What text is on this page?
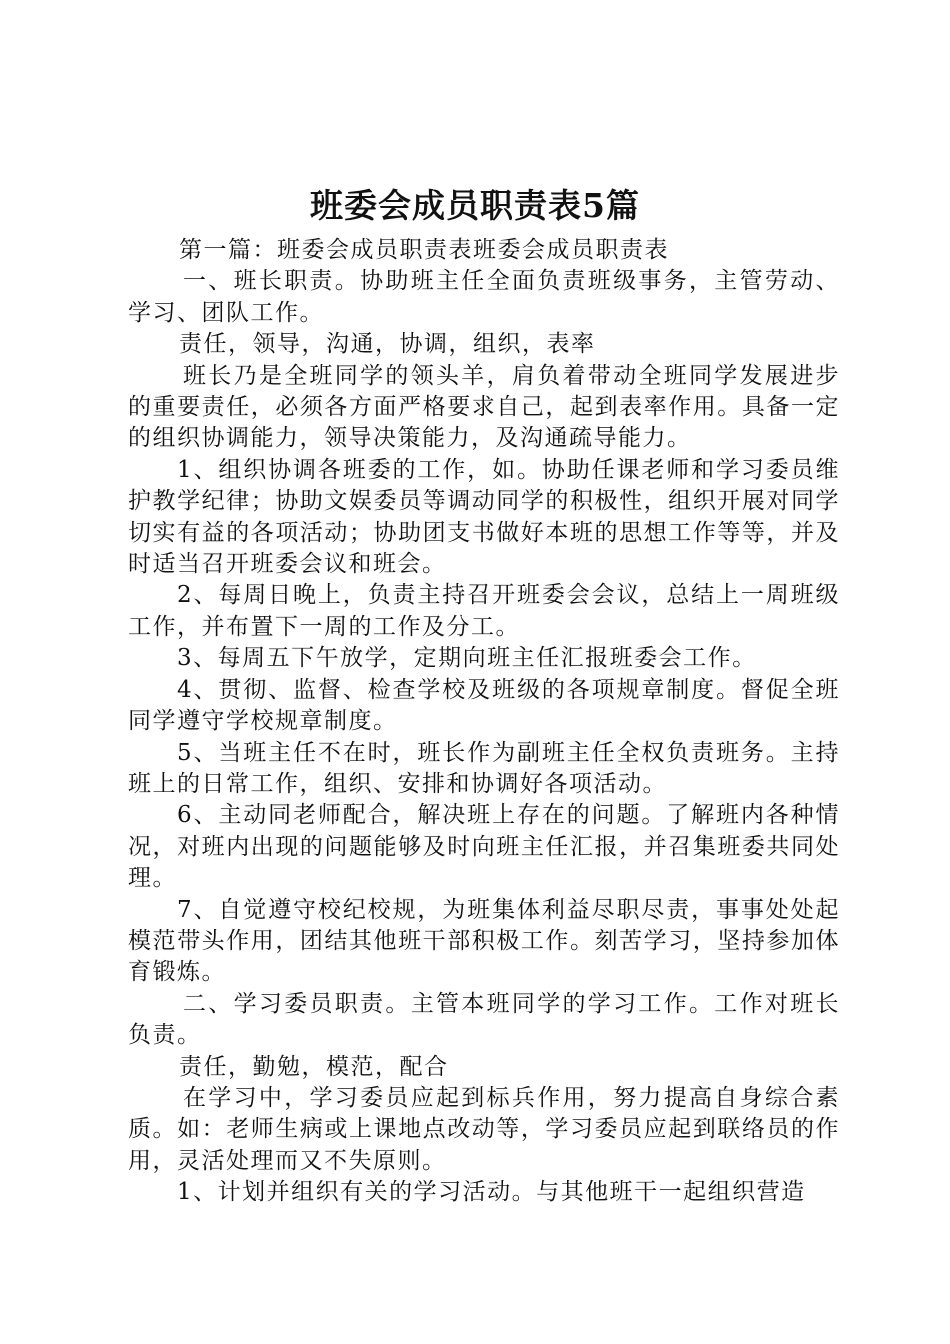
班委会成员职责表5篇

第一篇：班委会成员职责表班委会成员职责表

一、班长职责。协助班主任全面负责班级事务，主管劳动、学习、团队工作。

责任，领导，沟通，协调，组织，表率

班长乃是全班同学的领头羊，肩负着带动全班同学发展进步的重要责任，必须各方面严格要求自己，起到表率作用。具备一定的组织协调能力，领导决策能力，及沟通疏导能力。

1、组织协调各班委的工作，如。协助任课老师和学习委员维护教学纪律；协助文娱委员等调动同学的积极性，组织开展对同学切实有益的各项活动；协助团支书做好本班的思想工作等等，并及时适当召开班委会议和班会。

2、每周日晚上，负责主持召开班委会会议，总结上一周班级工作，并布置下一周的工作及分工。

3、每周五下午放学，定期向班主任汇报班委会工作。

4、贯彻、监督、检查学校及班级的各项规章制度。督促全班同学遵守学校规章制度。

5、当班主任不在时，班长作为副班主任全权负责班务。主持班上的日常工作，组织、安排和协调好各项活动。

6、主动同老师配合，解决班上存在的问题。了解班内各种情况，对班内出现的问题能够及时向班主任汇报，并召集班委共同处理。

7、自觉遵守校纪校规，为班集体利益尽职尽责，事事处处起模范带头作用，团结其他班干部积极工作。刻苦学习，坚持参加体育锻炼。

二、学习委员职责。主管本班同学的学习工作。工作对班长负责。

责任，勤勉，模范，配合

在学习中，学习委员应起到标兵作用，努力提高自身综合素质。如：老师生病或上课地点改动等，学习委员应起到联络员的作用，灵活处理而又不失原则。

1、计划并组织有关的学习活动。与其他班干一起组织营造
